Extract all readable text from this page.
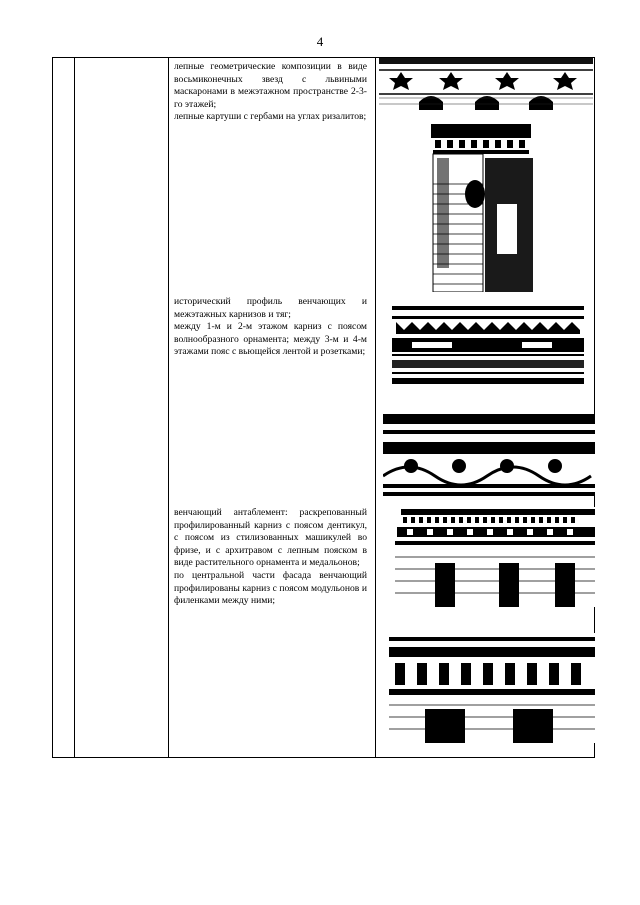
4

лепные геометрические композиции в виде восьмиконечных звезд с львиными маскаронами в межэтажном пространстве 2-3-го этажей;

лепные картуши с гербами на углах ризалитов;

исторический профиль венчающих и межэтажных карнизов и тяг;

между 1-м и 2-м этажом карниз с поясом волнообразного орнамента; между 3-м и 4-м этажами пояс с вьющейся лентой и розетками;

венчающий антаблемент: раскрепованный профилированный карниз с поясом дентикул, с поясом из стилизованных машикулей во фризе, и с архитравом с лепным пояском в виде растительного орнамента и медальонов;

по центральной части фасада венчающий профилированы карниз с поясом модульонов и филенками между ними;
